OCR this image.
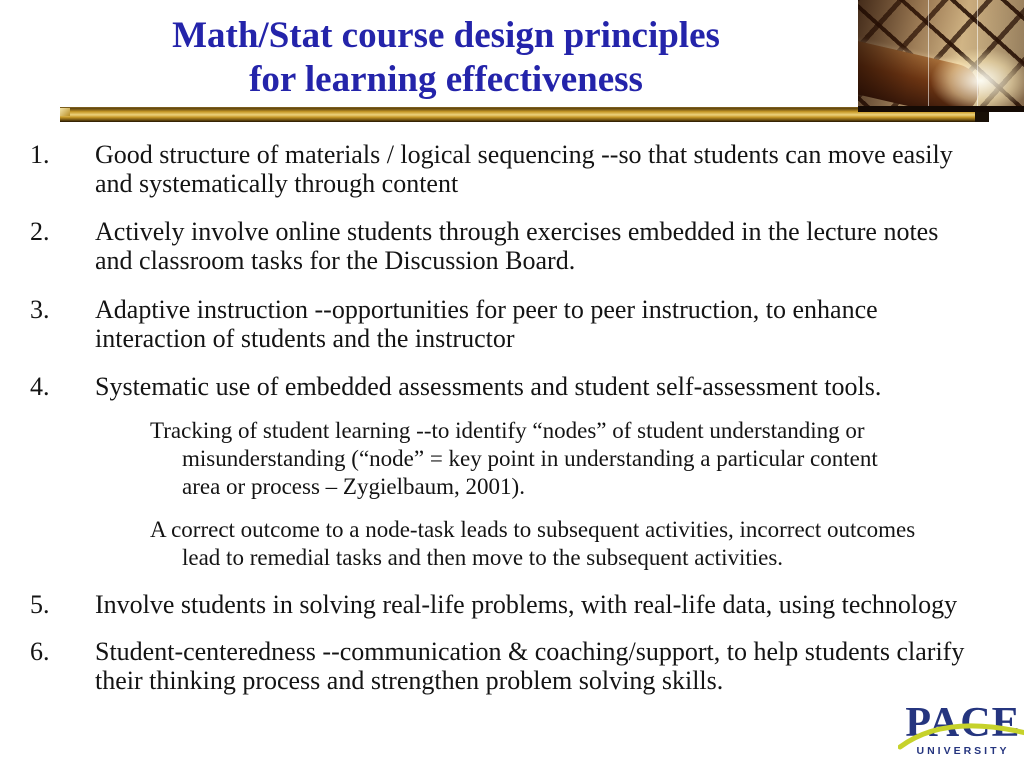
Math/Stat course design principles
for learning effectiveness
1.	Good structure of materials / logical sequencing --so that students can move easily and systematically through content
2.	Actively involve online students through exercises embedded in the lecture notes and classroom tasks for the Discussion Board.
3.	Adaptive instruction --opportunities for peer to peer instruction, to enhance interaction of students and the instructor
4.	Systematic use of embedded assessments and student self-assessment tools.
Tracking of student learning --to identify “nodes” of student understanding or misunderstanding (“node” = key point in understanding a particular content area or process – Zygielbaum, 2001).
A correct outcome to a node-task leads to subsequent activities, incorrect outcomes lead to remedial tasks and then move to the subsequent activities.
5.	Involve students in solving real-life problems, with real-life data, using technology
6.	Student-centeredness --communication & coaching/support, to help students clarify their thinking process and strengthen problem solving skills.
PACE
UNIVERSITY
